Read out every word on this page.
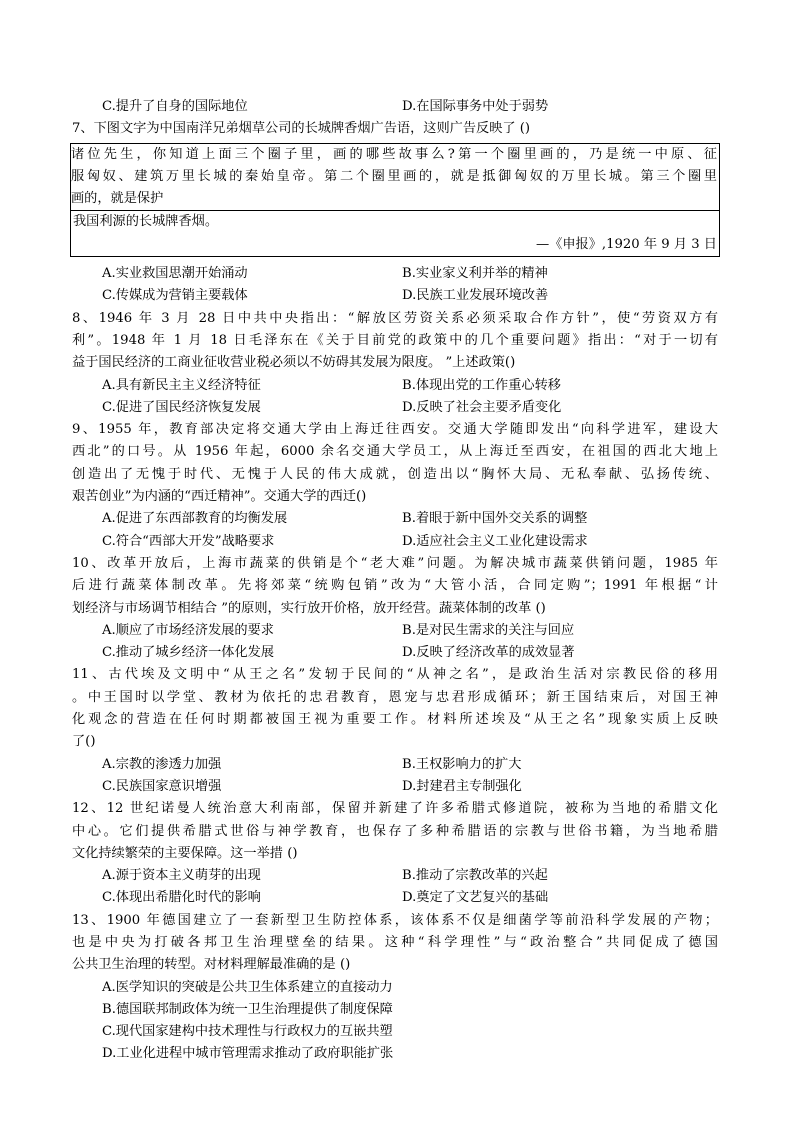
C.提升了自身的国际地位	D.在国际事务中处于弱势
7、下图文字为中国南洋兄弟烟草公司的长城牌香烟广告语，这则广告反映了 ()
诸位先生，你知道上面三个圈子里，画的哪些故事么?第一个圈里画的，乃是统一中原、征
服匈奴、建筑万里长城的秦始皇帝。第二个圈里画的，就是抵御匈奴的万里长城。第三个圈里
画的，就是保护
我国利源的长城牌香烟。
—《申报》,1920 年 9 月 3 日
A.实业救国思潮开始涌动	B.实业家义利并举的精神
C.传媒成为营销主要载体	D.民族工业发展环境改善
8、1946 年 3 月 28 日中共中央指出：“解放区劳资关系必须采取合作方针”，使“劳资双方有
利”。1948 年 1 月 18 日毛泽东在《关于目前党的政策中的几个重要问题》指出：“对于一切有
益于国民经济的工商业征收营业税必须以不妨碍其发展为限度。 ”上述政策()
A.具有新民主主义经济特征	B.体现出党的工作重心转移
C.促进了国民经济恢复发展	D.反映了社会主要矛盾变化
9、1955 年，教育部决定将交通大学由上海迁往西安。交通大学随即发出“向科学进军，建设大
西北”的口号。从 1956 年起，6000 余名交通大学员工，从上海迁至西安，在祖国的西北大地上
创造出了无愧于时代、无愧于人民的伟大成就，创造出以“胸怀大局、无私奉献、弘扬传统、
艰苦创业”为内涵的“西迁精神”。交通大学的西迁()
A.促进了东西部教育的均衡发展	B.着眼于新中国外交关系的调整
C.符合“西部大开发”战略要求	D.适应社会主义工业化建设需求
10、改革开放后，上海市蔬菜的供销是个“老大难”问题。为解决城市蔬菜供销问题，1985 年
后进行蔬菜体制改革。先将郊菜“统购包销”改为“大管小活，合同定购”；1991 年根据“计
划经济与市场调节相结合 ”的原则，实行放开价格，放开经营。蔬菜体制的改革 ()
A.顺应了市场经济发展的要求	B.是对民生需求的关注与回应
C.推动了城乡经济一体化发展	D.反映了经济改革的成效显著
11、古代埃及文明中“从王之名”发轫于民间的“从神之名”，是政治生活对宗教民俗的移用
。中王国时以学堂、教材为依托的忠君教育，恩宠与忠君形成循环；新王国结束后，对国王神
化观念的营造在任何时期都被国王视为重要工作。材料所述埃及“从王之名”现象实质上反映
了()
A.宗教的渗透力加强	B.王权影响力的扩大
C.民族国家意识增强	D.封建君主专制强化
12、12 世纪诺曼人统治意大利南部，保留并新建了许多希腊式修道院，被称为当地的希腊文化
中心。它们提供希腊式世俗与神学教育，也保存了多种希腊语的宗教与世俗书籍，为当地希腊
文化持续繁荣的主要保障。这一举措 ()
A.源于资本主义萌芽的出现	B.推动了宗教改革的兴起
C.体现出希腊化时代的影响	D.奠定了文艺复兴的基础
13、1900 年德国建立了一套新型卫生防控体系，该体系不仅是细菌学等前沿科学发展的产物；
也是中央为打破各邦卫生治理壁垒的结果。这种“科学理性”与“政治整合”共同促成了德国
公共卫生治理的转型。对材料理解最准确的是 ()
A.医学知识的突破是公共卫生体系建立的直接动力
B.德国联邦制政体为统一卫生治理提供了制度保障
C.现代国家建构中技术理性与行政权力的互嵌共塑
D.工业化进程中城市管理需求推动了政府职能扩张
